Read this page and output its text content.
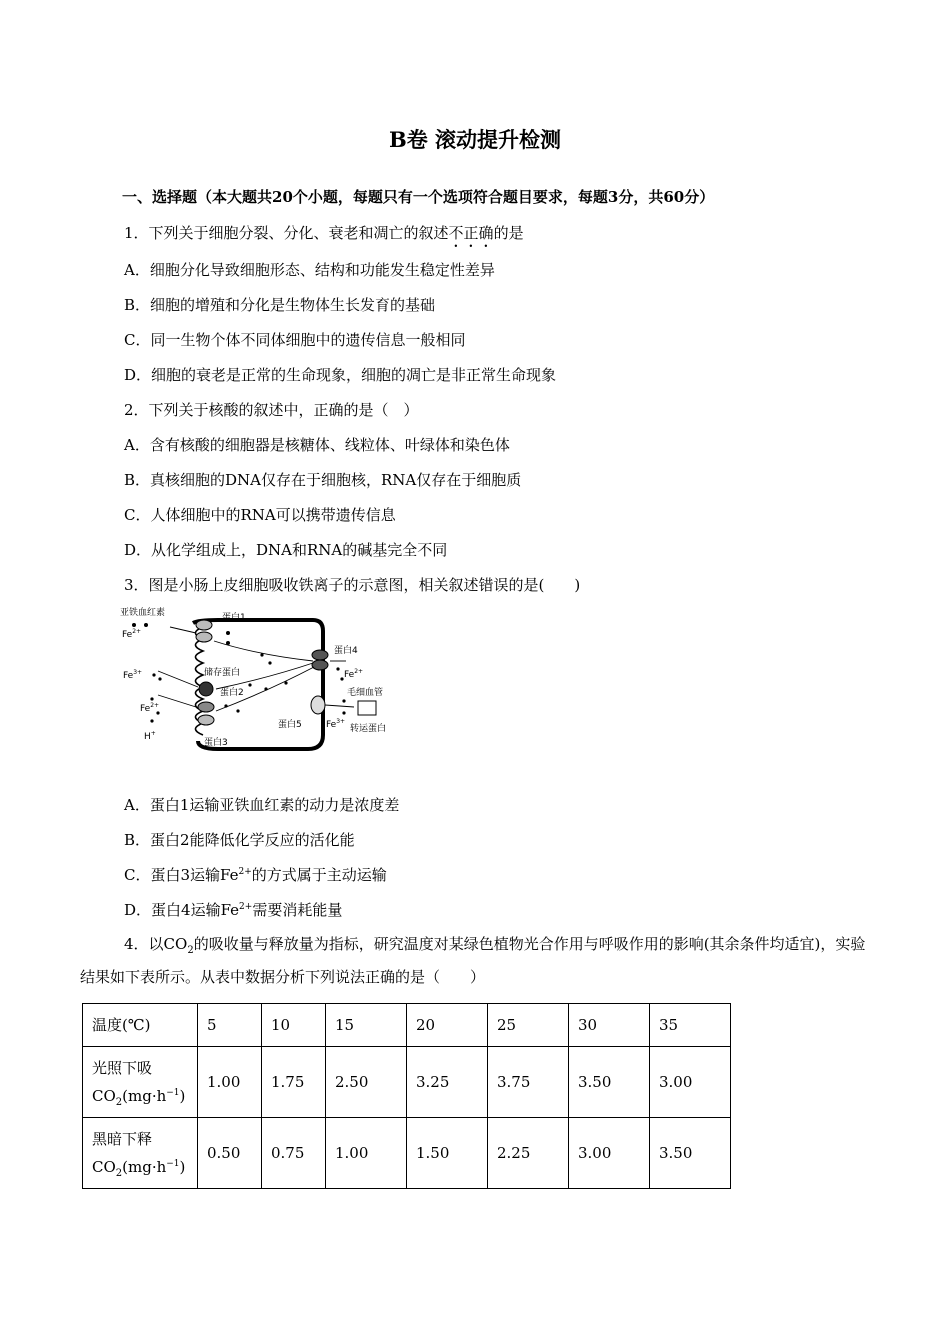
B卷 滚动提升检测
一、选择题（本大题共20个小题，每题只有一个选项符合题目要求，每题3分，共60分）
1．下列关于细胞分裂、分化、衰老和凋亡的叙述不正确的是
A．细胞分化导致细胞形态、结构和功能发生稳定性差异
B．细胞的增殖和分化是生物体生长发育的基础
C．同一生物个体不同体细胞中的遗传信息一般相同
D．细胞的衰老是正常的生命现象，细胞的凋亡是非正常生命现象
2．下列关于核酸的叙述中，正确的是（　）
A．含有核酸的细胞器是核糖体、线粒体、叶绿体和染色体
B．真核细胞的DNA仅存在于细胞核，RNA仅存在于细胞质
C．人体细胞中的RNA可以携带遗传信息
D．从化学组成上，DNA和RNA的碱基完全不同
3．图是小肠上皮细胞吸收铁离子的示意图，相关叙述错误的是(　　)
亚铁血红素
$Fe^{2+}$
蛋白1
$Fe^{3+}$	储存蛋白
蛋白2
$Fe^{2+}$
H+
蛋白3
蛋白4
$Fe^{2+}$
毛细血管
蛋白5	$Fe^{3+}$
转运蛋白
A．蛋白1运输亚铁血红素的动力是浓度差
B．蛋白2能降低化学反应的活化能
C．蛋白3运输$Fe^{2+}$的方式属于主动运输
D．蛋白4运输$Fe^{2+}$需要消耗能量
4．以$CO_2$的吸收量与释放量为指标，研究温度对某绿色植物光合作用与呼吸作用的影响(其余条件均适宜)，实验结果如下表所示。从表中数据分析下列说法正确的是（　　）
温度(℃)	5	10	15	20	25	30	35
光照下吸
$CO_2(mg\cdot h^{-1})$	1.00	1.75	2.50	3.25	3.75	3.50	3.00
黑暗下释
$CO_2(mg\cdot h^{-1})$	0.50	0.75	1.00	1.50	2.25	3.00	3.50
